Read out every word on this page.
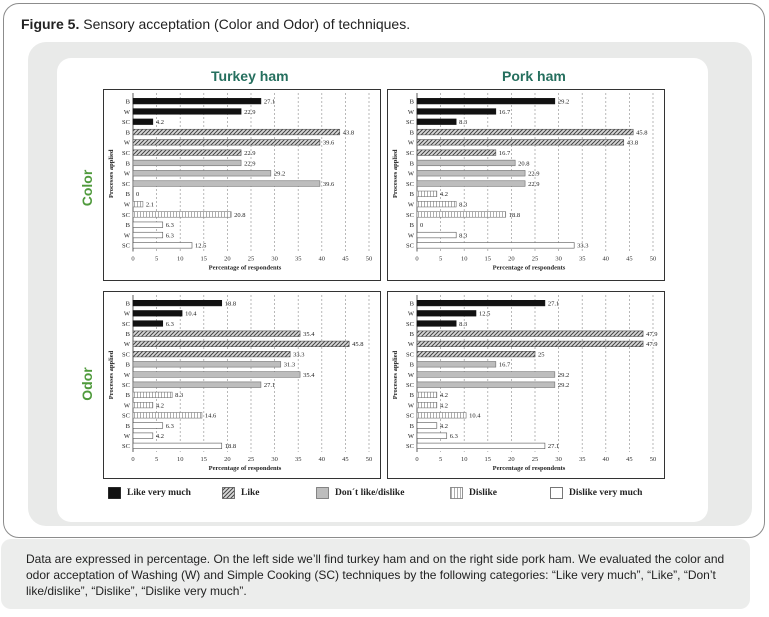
Figure 5. Sensory acceptation (Color and Odor) of techniques.
Turkey ham	Pork ham
Color
Odor
0	5	10	15	20	25	30	35	40	45	50
B	27.1
W	22.9
SC	4.2
B	43.8
W	39.6
SC	22.9
B	22.9
W	29.2
SC	39.6
B 0
W 2.1
SC	20.8
B	6.3
W	6.3
SC	12.5
Percentage of respondents
Processes applied
0	5	10	15	20	25	30	35	40	45	50
B	29.2
W	16.7
SC	8.3
B	45.8
W	43.8
SC	16.7
B	20.8
W	22.9
SC	22.9
B	4.2
W	8.3
SC	18.8
B 0
W	8.3
SC	33.3
Percentage of respondents
Processes applied
0	5	10	15	20	25	30	35	40	45	50
B	18.8
W	10.4
SC	6.3
B	35.4
W	45.8
SC	33.3
B	31.3
W	35.4
SC	27.1
B	8.3
W	4.2
SC	14.6
B	6.3
W	4.2
SC	18.8
Percentage of respondents
Processes applied
0	5	10	15	20	25	30	35	40	45	50
B	27.1
W	12.5
SC	8.3
B	47.9
W	47.9
SC	25
B	16.7
W	29.2
SC	29.2
B	4.2
W	4.2
SC	10.4
B	4.2
W	6.3
SC	27.1
Percentage of respondents
Processes applied
Like very much	Like	Don´t like/dislike	Dislike	Dislike very much

Data are expressed in percentage. On the left side we’ll find turkey ham and on the right side pork ham. We evaluated the color and odor acceptation of Washing (W) and Simple Cooking (SC) techniques by the following categories: “Like very much”, “Like”, “Don’t like/dislike”, “Dislike”, “Dislike very much”.
